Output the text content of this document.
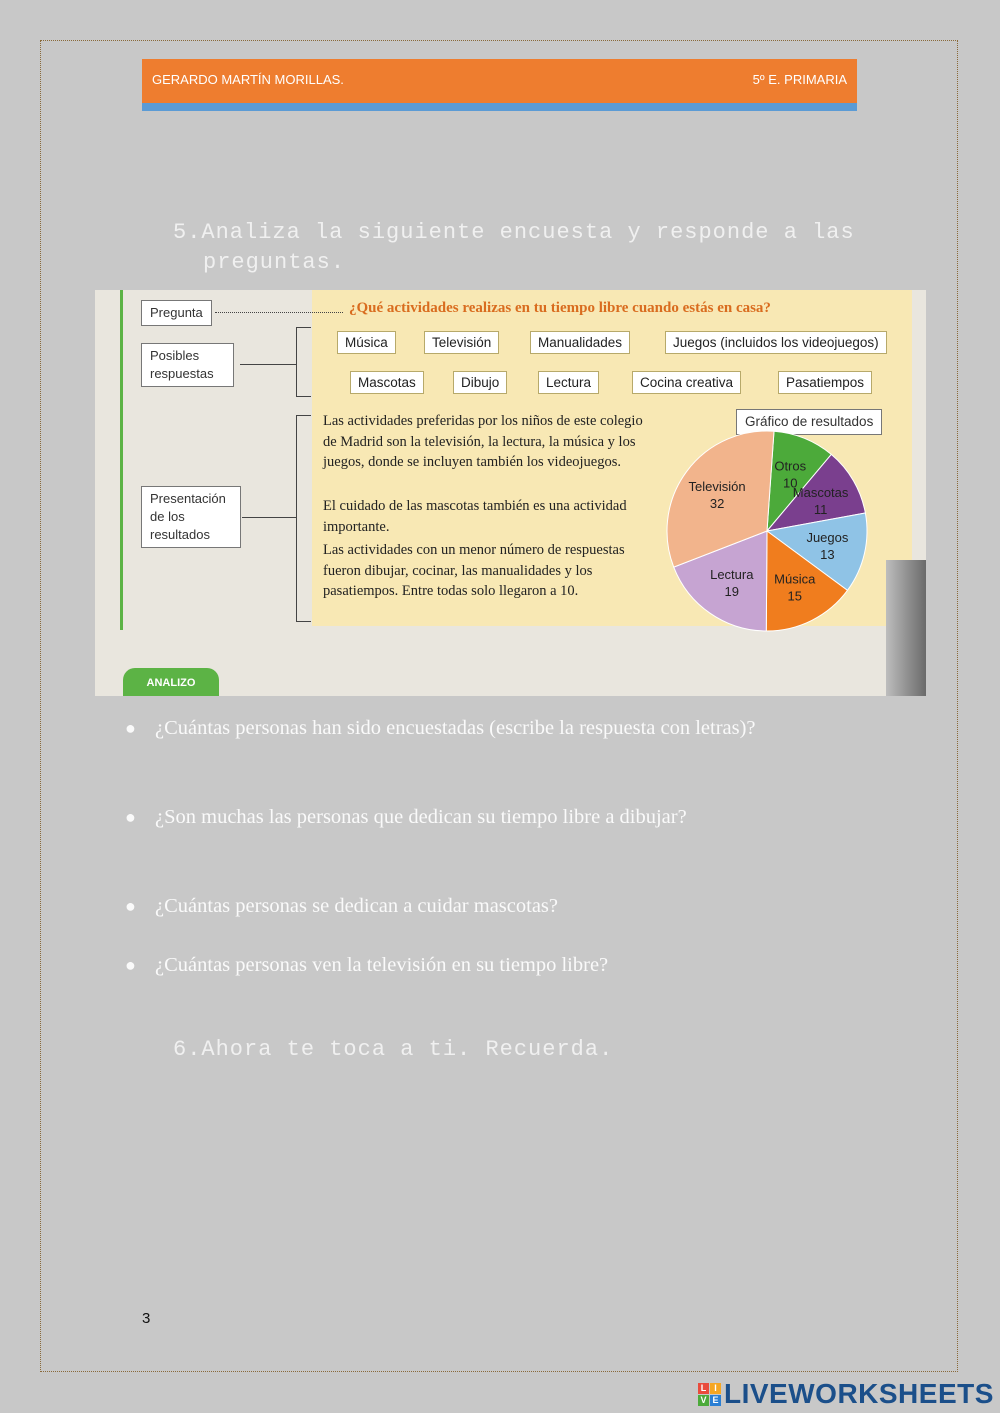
GERARDO MARTÍN MORILLAS.	5º E. PRIMARIA
5.Analiza la siguiente encuesta y responde a las
preguntas.
Pregunta
Posibles respuestas
Presentación de los resultados
¿Qué actividades realizas en tu tiempo libre cuando estás en casa?
Música	Televisión	Manualidades	Juegos (incluidos los videojuegos)
Mascotas	Dibujo	Lectura	Cocina creativa	Pasatiempos
Las actividades preferidas por los niños de este colegio de Madrid son la televisión, la lectura, la música y los juegos, donde se incluyen también los videojuegos.
El cuidado de las mascotas también es una actividad importante.
Las actividades con un menor número de respuestas fueron dibujar, cocinar, las manualidades y los pasatiempos. Entre todas solo llegaron a 10.
Gráfico de resultados
Otros
10
Mascotas
11
Juegos
13
Música
15
Lectura
19
Televisión
32
ANALIZO
● ¿Cuántas personas han sido encuestadas (escribe la respuesta con letras)?
● ¿Son muchas las personas que dedican su tiempo libre a dibujar?
● ¿Cuántas personas se dedican a cuidar mascotas?
● ¿Cuántas personas ven la televisión en su tiempo libre?
6.Ahora te toca a ti. Recuerda.
3
L I
V E LIVEWORKSHEETS
